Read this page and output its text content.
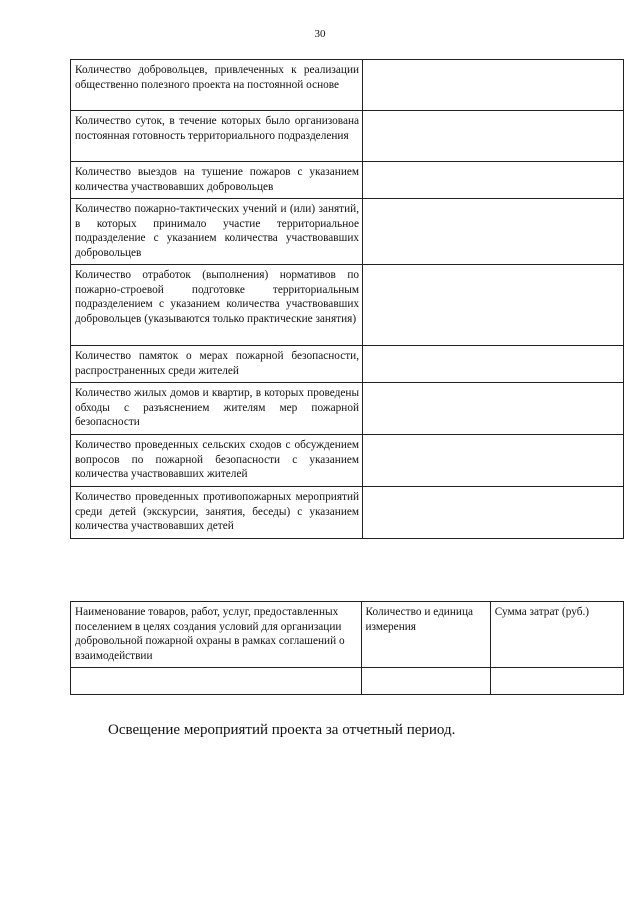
30
Количество добровольцев, привлеченных к реализации общественно полезного проекта на постоянной основе	
Количество суток, в течение которых было организована постоянная готовность территориального подразделения	
Количество выездов на тушение пожаров с указанием количества участвовавших добровольцев	
Количество пожарно-тактических учений и (или) занятий, в которых принимало участие территориальное подразделение с указанием количества участвовавших добровольцев	
Количество отработок (выполнения) нормативов по пожарно-строевой подготовке территориальным подразделением с указанием количества участвовавших добровольцев (указываются только практические занятия)	
Количество памяток о мерах пожарной безопасности, распространенных среди жителей	
Количество жилых домов и квартир, в которых проведены обходы с разъяснением жителям мер пожарной безопасности	
Количество проведенных сельских сходов с обсуждением вопросов по пожарной безопасности с указанием количества участвовавших жителей	
Количество проведенных противопожарных мероприятий среди детей (экскурсии, занятия, беседы) с указанием количества участвовавших детей	
Наименование товаров, работ, услуг, предоставленных поселением в целях создания условий для организации добровольной пожарной охраны в рамках соглашений о взаимодействии	Количество и единица измерения	Сумма затрат (руб.)

Освещение мероприятий проекта за отчетный период.
